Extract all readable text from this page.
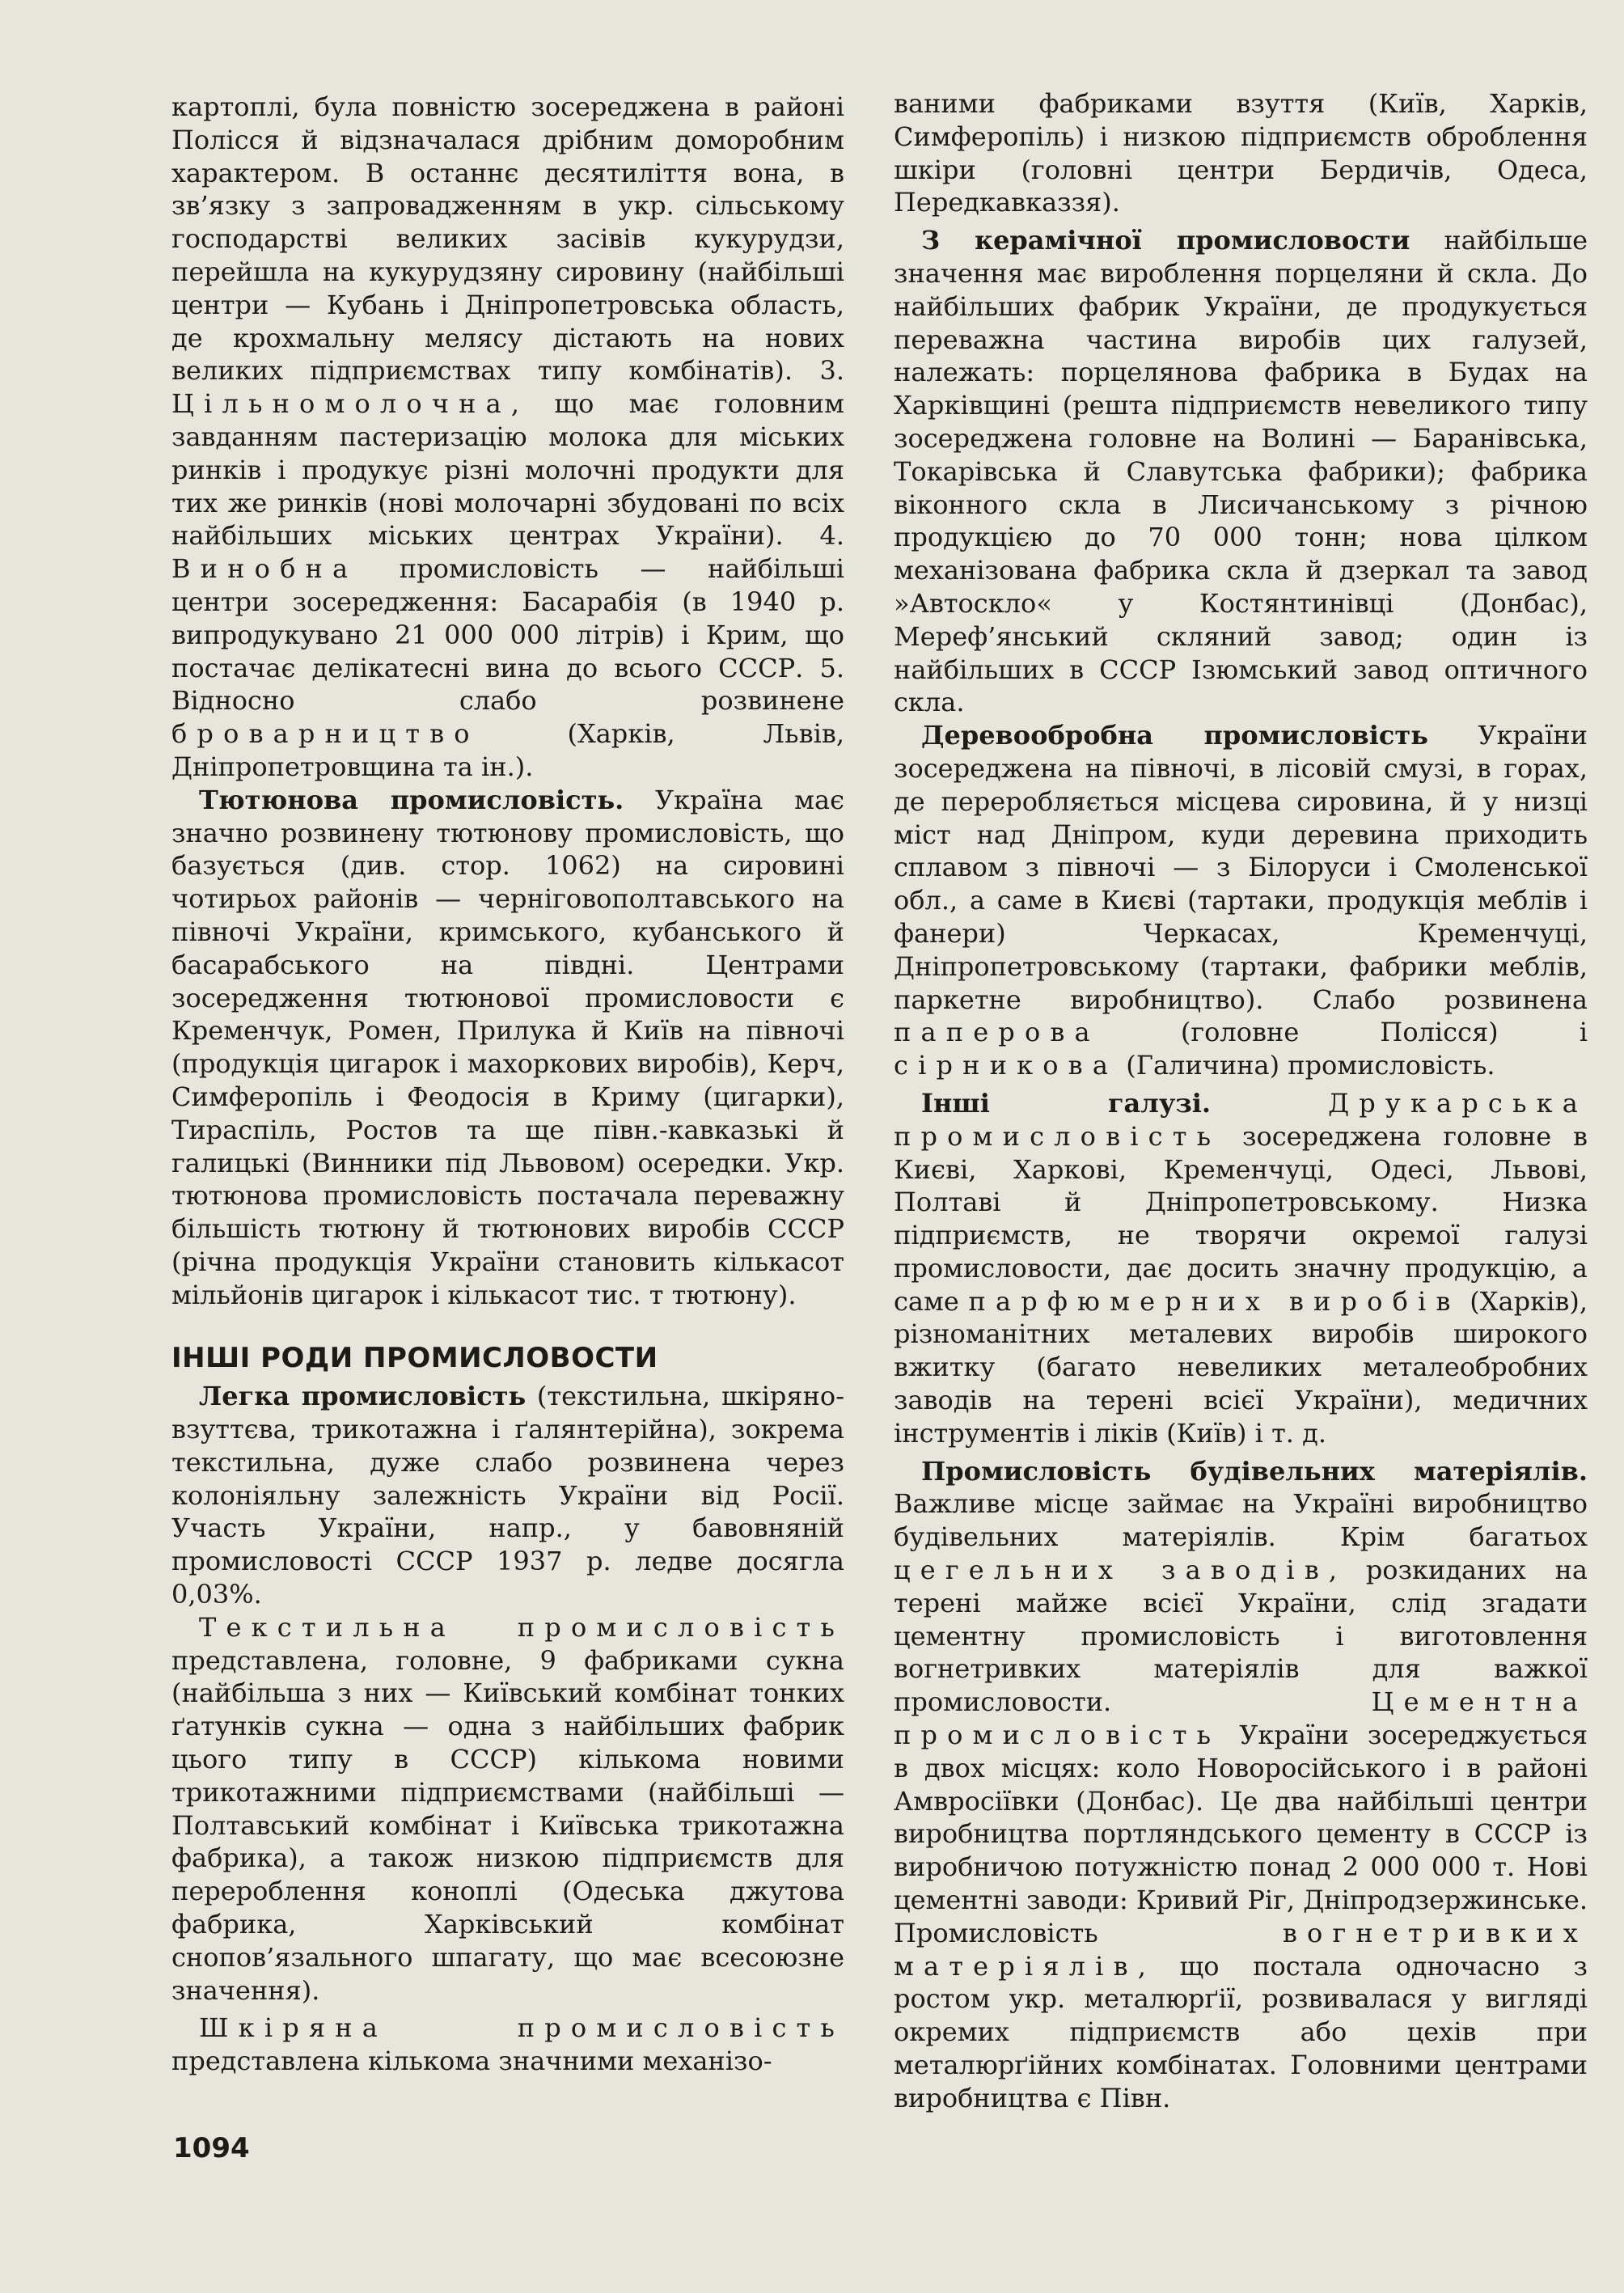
картоплі, була повністю зосереджена в районі Полісся й відзначалася дрібним доморобним характером. В останнє десятиліття вона, в зв’язку з запровадженням в укр. сільському господарстві великих засівів кукурудзи, перейшла на кукурудзяну сировину (найбільші центри — Кубань і Дніпропетровська область, де крохмальну мелясу дістають на нових великих підприємствах типу комбінатів). 3. Цільномолочна, що має головним завданням пастеризацію молока для міських ринків і продукує різні молочні продукти для тих же ринків (нові молочарні збудовані по всіх найбільших міських центрах України). 4. Винобна промисловість — найбільші центри зосередження: Басарабія (в 1940 р. випродукувано 21 000 000 літрів) і Крим, що постачає делікатесні вина до всього СССР. 5. Відносно слабо розвинене броварництво (Харків, Львів, Дніпропетровщина та ін.).

Тютюнова промисловість. Україна має значно розвинену тютюнову промисловість, що базується (див. стор. 1062) на сировині чотирьох районів — черніговополтавського на півночі України, кримського, кубанського й басарабського на півдні. Центрами зосередження тютюнової промисловости є Кременчук, Ромен, Прилука й Київ на півночі (продукція цигарок і махоркових виробів), Керч, Симферопіль і Феодосія в Криму (цигарки), Тираспіль, Ростов та ще півн.-кавказькі й галицькі (Винники під Львовом) осередки. Укр. тютюнова промисловість постачала переважну більшість тютюну й тютюнових виробів СССР (річна продукція України становить кількасот мільйонів цигарок і кількасот тис. т тютюну).

ІНШІ РОДИ ПРОМИСЛОВОСТИ

Легка промисловість (текстильна, шкіряно-взуттєва, трикотажна і ґалянтерійна), зокрема текстильна, дуже слабо розвинена через колоніяльну залежність України від Росії. Участь України, напр., у бавовняній промисловості СССР 1937 р. ледве досягла 0,03%.

Текстильна промисловість представлена, головне, 9 фабриками сукна (найбільша з них — Київський комбінат тонких ґатунків сукна — одна з найбільших фабрик цього типу в СССР) кількома новими трикотажними підприємствами (найбільші — Полтавський комбінат і Київська трикотажна фабрика), а також низкою підприємств для перероблення коноплі (Одеська джутова фабрика, Харківський комбінат снопов’язального шпагату, що має всесоюзне значення).

Шкіряна промисловість представлена кількома значними механізо-

ваними фабриками взуття (Київ, Харків, Симферопіль) і низкою підприємств оброблення шкіри (головні центри Бердичів, Одеса, Передкавказзя).

З керамічної промисловости найбільше значення має вироблення порцеляни й скла. До найбільших фабрик України, де продукується переважна частина виробів цих галузей, належать: порцелянова фабрика в Будах на Харківщині (решта підприємств невеликого типу зосереджена головне на Волині — Баранівська, Токарівська й Славутська фабрики); фабрика віконного скла в Лисичанському з річною продукцією до 70 000 тонн; нова цілком механізована фабрика скла й дзеркал та завод »Автоскло« у Костянтинівці (Донбас), Мереф’янський скляний завод; один із найбільших в СССР Ізюмський завод оптичного скла.

Деревообробна промисловість України зосереджена на півночі, в лісовій смузі, в горах, де переробляється місцева сировина, й у низці міст над Дніпром, куди деревина приходить сплавом з півночі — з Білоруси і Смоленської обл., а саме в Києві (тартаки, продукція меблів і фанери) Черкасах, Кременчуці, Дніпропетровському (тартаки, фабрики меблів, паркетне виробництво). Слабо розвинена паперова (головне Полісся) і сірникова (Галичина) промисловість.

Інші галузі.	Друкарська промисловість зосереджена головне в Києві, Харкові, Кременчуці, Одесі, Львові, Полтаві й Дніпропетровському. Низка підприємств, не творячи окремої галузі промисловости, дає досить значну продукцію, а саме парфюмерних виробів (Харків), різноманітних металевих виробів широкого вжитку (багато невеликих металеобробних заводів на терені всієї України), медичних інструментів і ліків (Київ) і т. д.

Промисловість будівельних матеріялів. Важливе місце займає на Україні виробництво будівельних матеріялів. Крім багатьох цегельних заводів, розкиданих на терені майже всієї України, слід згадати цементну промисловість і виготовлення вогнетривких матеріялів для важкої промисловости. Цементна промисловість України зосереджується в двох місцях: коло Новоросійського і в районі Амвросіївки (Донбас). Це два найбільші центри виробництва портляндського цементу в СССР із виробничою потужністю понад 2 000 000 т. Нові цементні заводи: Кривий Ріг, Дніпродзержинське. Промисловість вогнетривких матеріялів, що постала одночасно з ростом укр. металюрґії, розвивалася у вигляді окремих підприємств або цехів при металюрґійних комбінатах. Головними центрами виробництва є Півн.

1094
